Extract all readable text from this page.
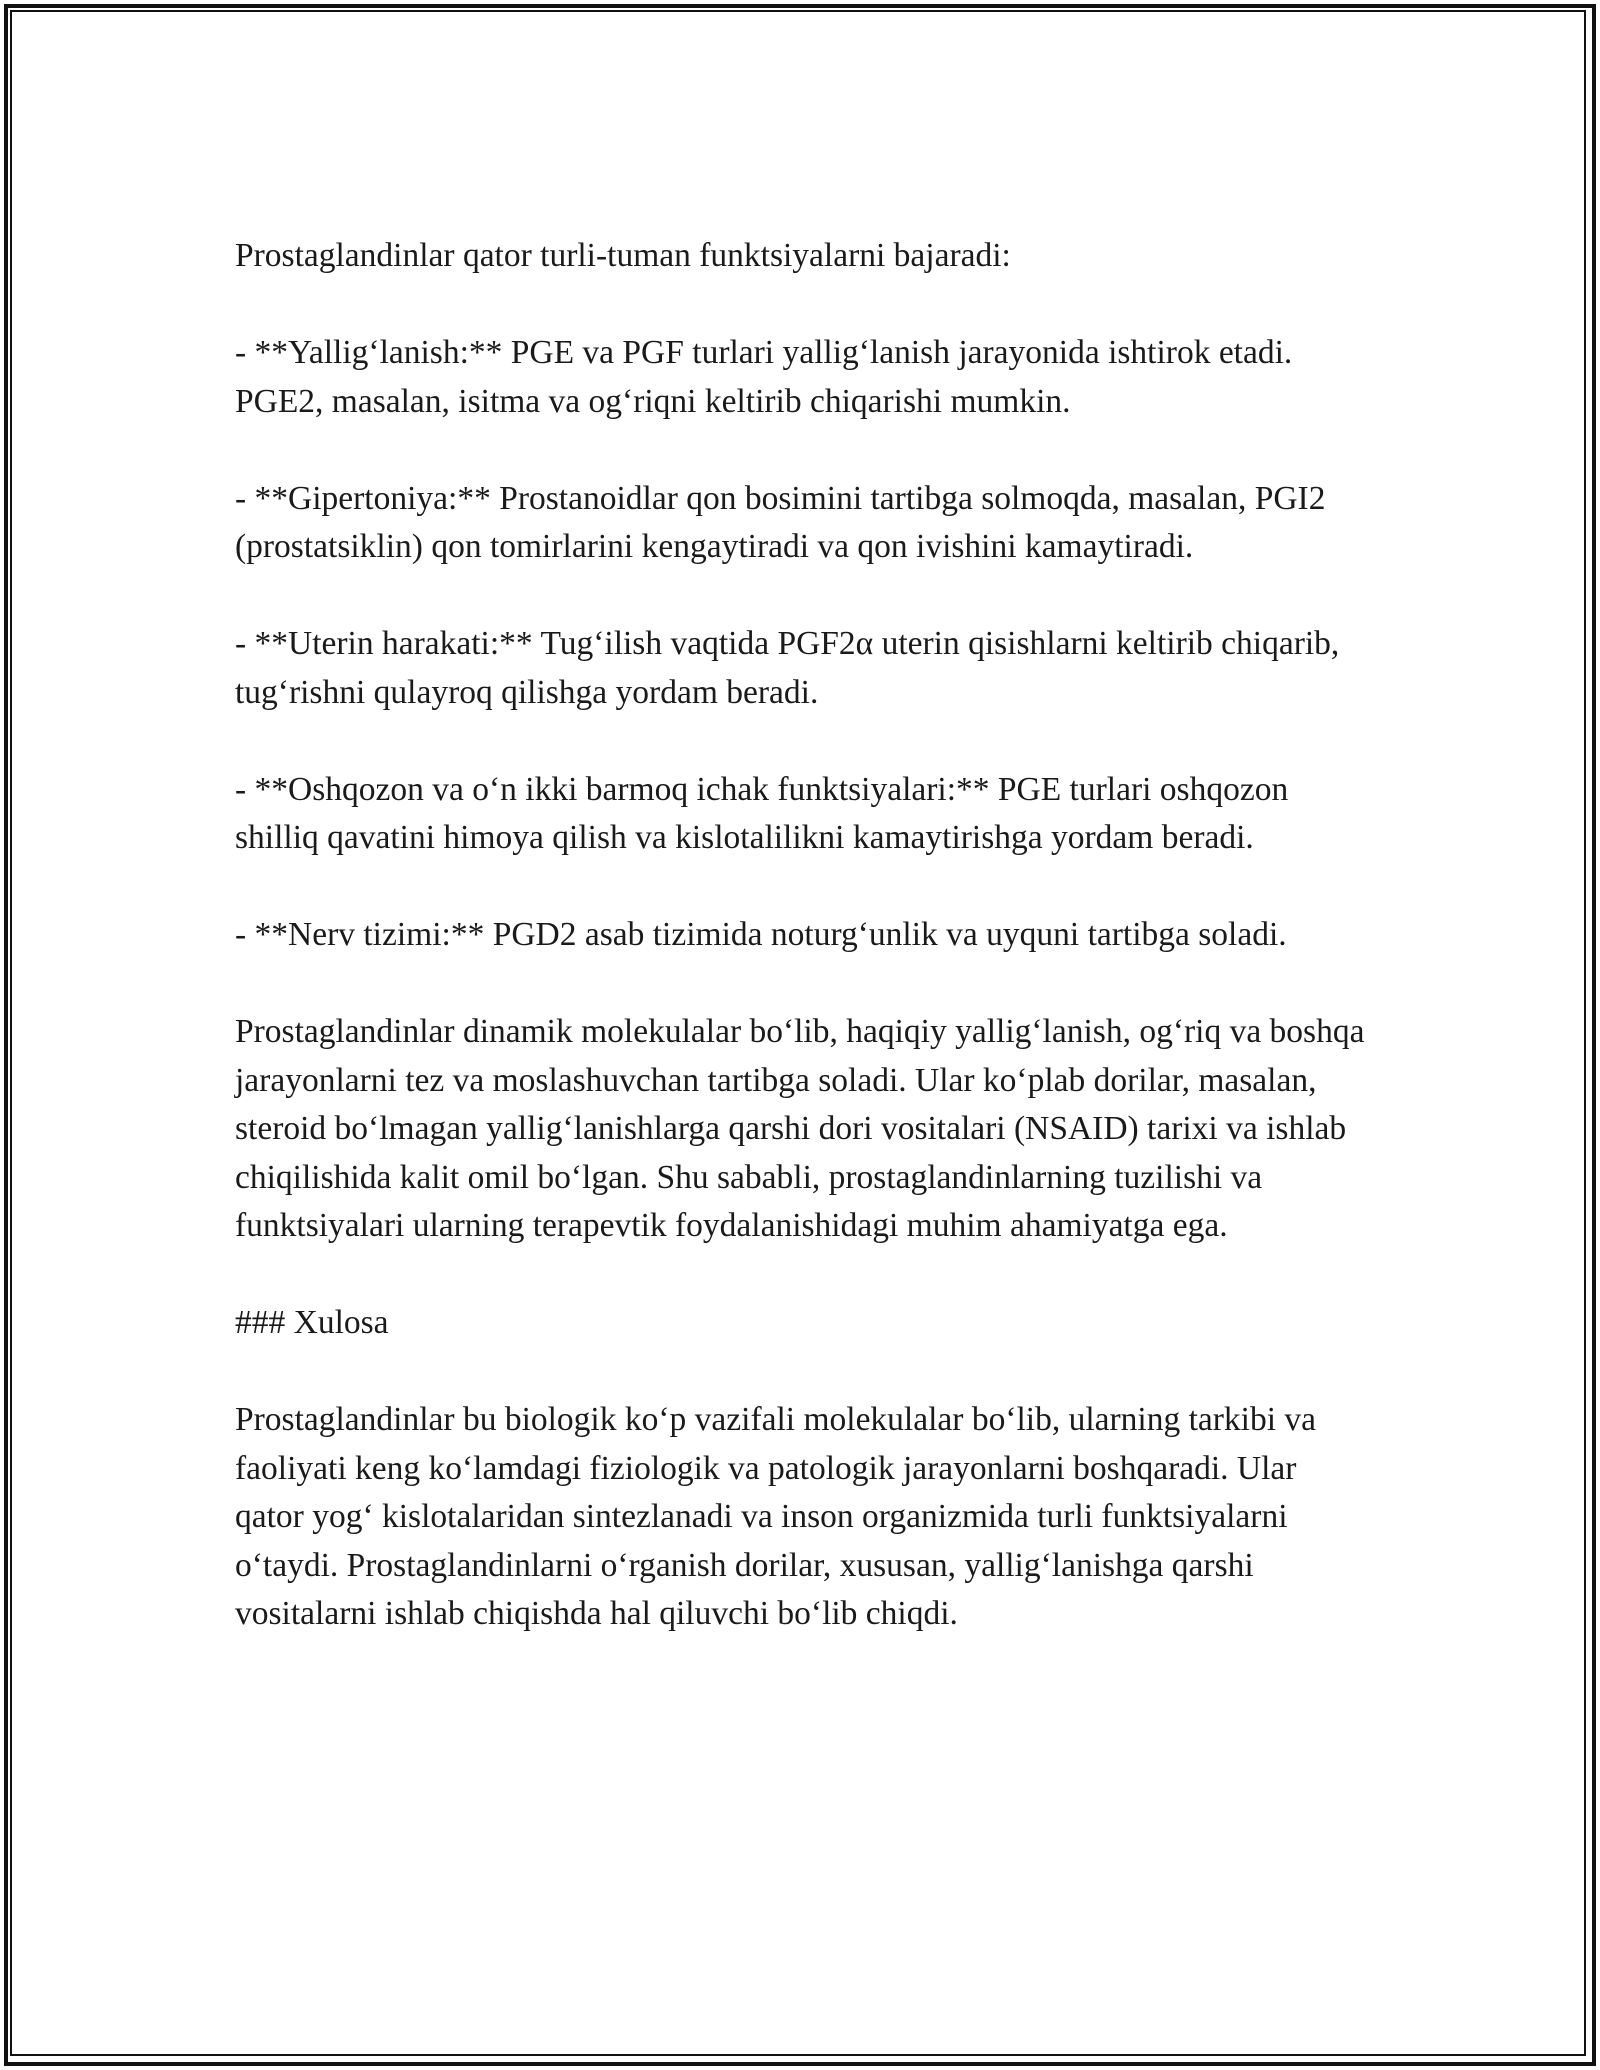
Prostaglandinlar qator turli-tuman funktsiyalarni bajaradi:

- **Yallig‘lanish:** PGE va PGF turlari yallig‘lanish jarayonida ishtirok etadi. PGE2, masalan, isitma va og‘riqni keltirib chiqarishi mumkin.

- **Gipertoniya:** Prostanoidlar qon bosimini tartibga solmoqda, masalan, PGI2 (prostatsiklin) qon tomirlarini kengaytiradi va qon ivishini kamaytiradi.

- **Uterin harakati:** Tug‘ilish vaqtida PGF2α uterin qisishlarni keltirib chiqarib, tug‘rishni qulayroq qilishga yordam beradi.

- **Oshqozon va o‘n ikki barmoq ichak funktsiyalari:** PGE turlari oshqozon shilliq qavatini himoya qilish va kislotalilikni kamaytirishga yordam beradi.

- **Nerv tizimi:** PGD2 asab tizimida noturg‘unlik va uyquni tartibga soladi.

Prostaglandinlar dinamik molekulalar bo‘lib, haqiqiy yallig‘lanish, og‘riq va boshqa jarayonlarni tez va moslashuvchan tartibga soladi. Ular ko‘plab dorilar, masalan, steroid bo‘lmagan yallig‘lanishlarga qarshi dori vositalari (NSAID) tarixi va ishlab chiqilishida kalit omil bo‘lgan. Shu sababli, prostaglandinlarning tuzilishi va funktsiyalari ularning terapevtik foydalanishidagi muhim ahamiyatga ega.

### Xulosa

Prostaglandinlar bu biologik ko‘p vazifali molekulalar bo‘lib, ularning tarkibi va faoliyati keng ko‘lamdagi fiziologik va patologik jarayonlarni boshqaradi. Ular qator yog‘ kislotalaridan sintezlanadi va inson organizmida turli funktsiyalarni o‘taydi. Prostaglandinlarni o‘rganish dorilar, xususan, yallig‘lanishga qarshi vositalarni ishlab chiqishda hal qiluvchi bo‘lib chiqdi.
